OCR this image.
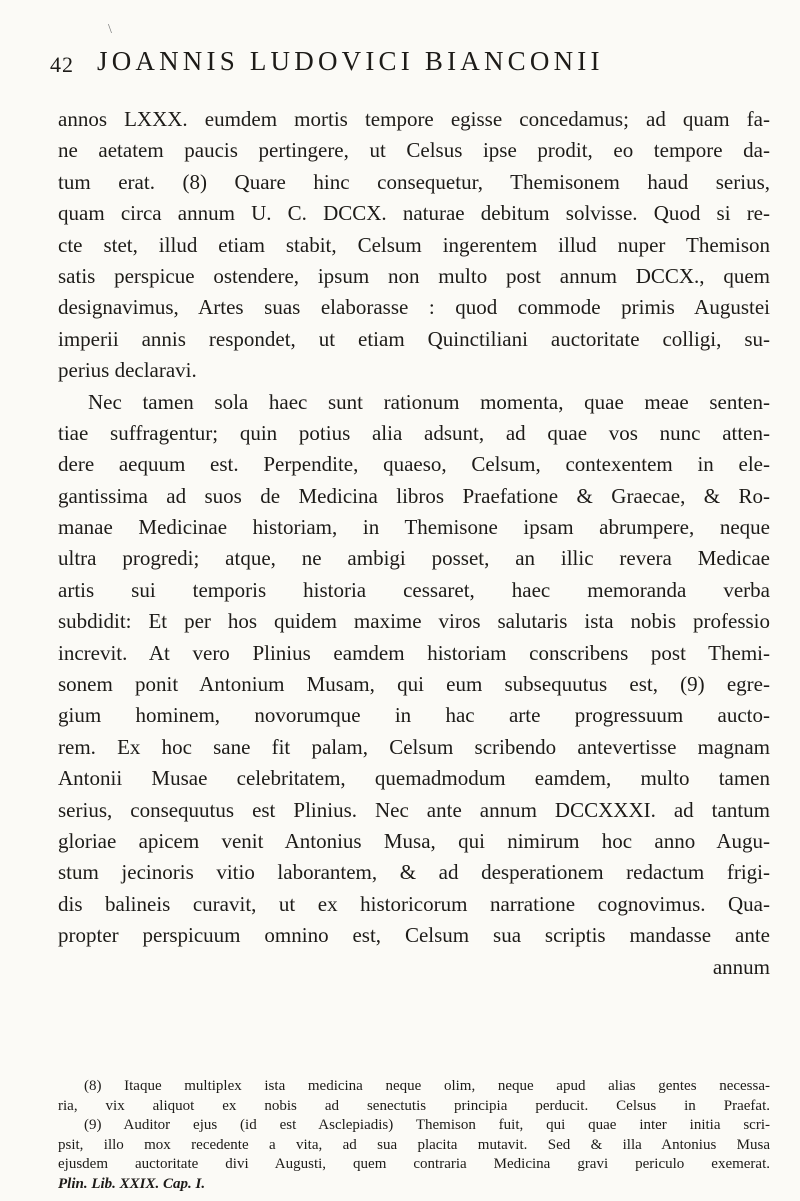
\
42 JOANNIS LUDOVICI BIANCONII
annos LXXX. eumdem mortis tempore egisse concedamus; ad quam fa-
ne aetatem paucis pertingere, ut Celsus ipse prodit, eo tempore da-
tum erat. (8) Quare hinc consequetur, Themisonem haud serius,
quam circa annum U. C. DCCX. naturae debitum solvisse. Quod si re-
cte stet, illud etiam stabit, Celsum ingerentem illud nuper Themison
satis perspicue ostendere, ipsum non multo post annum DCCX., quem
designavimus, Artes suas elaborasse : quod commode primis Augustei
imperii annis respondet, ut etiam Quinctiliani auctoritate colligi, su-
perius declaravi.
Nec tamen sola haec sunt rationum momenta, quae meae senten-
tiae suffragentur; quin potius alia adsunt, ad quae vos nunc atten-
dere aequum est. Perpendite, quaeso, Celsum, contexentem in ele-
gantissima ad suos de Medicina libros Praefatione & Graecae, & Ro-
manae Medicinae historiam, in Themisone ipsam abrumpere, neque
ultra progredi; atque, ne ambigi posset, an illic revera Medicae
artis sui temporis historia cessaret, haec memoranda verba
subdidit: Et per hos quidem maxime viros salutaris ista nobis professio
increvit. At vero Plinius eamdem historiam conscribens post Themi-
sonem ponit Antonium Musam, qui eum subsequutus est, (9) egre-
gium hominem, novorumque in hac arte progressuum aucto-
rem. Ex hoc sane fit palam, Celsum scribendo antevertisse magnam
Antonii Musae celebritatem, quemadmodum eamdem, multo tamen
serius, consequutus est Plinius. Nec ante annum DCCXXXI. ad tantum
gloriae apicem venit Antonius Musa, qui nimirum hoc anno Augu-
stum jecinoris vitio laborantem, & ad desperationem redactum frigi-
dis balineis curavit, ut ex historicorum narratione cognovimus. Qua-
propter perspicuum omnino est, Celsum sua scriptis mandasse ante
annum
(8) Itaque multiplex ista medicina neque olim, neque apud alias gentes necessa-
ria, vix aliquot ex nobis ad senectutis principia perducit. Celsus in Praefat.
(9) Auditor ejus (id est Asclepiadis) Themison fuit, qui quae inter initia scri-
psit, illo mox recedente a vita, ad sua placita mutavit. Sed & illa Antonius Musa
ejusdem auctoritate divi Augusti, quem contraria Medicina gravi periculo exemerat.
Plin. Lib. XXIX. Cap. I.
